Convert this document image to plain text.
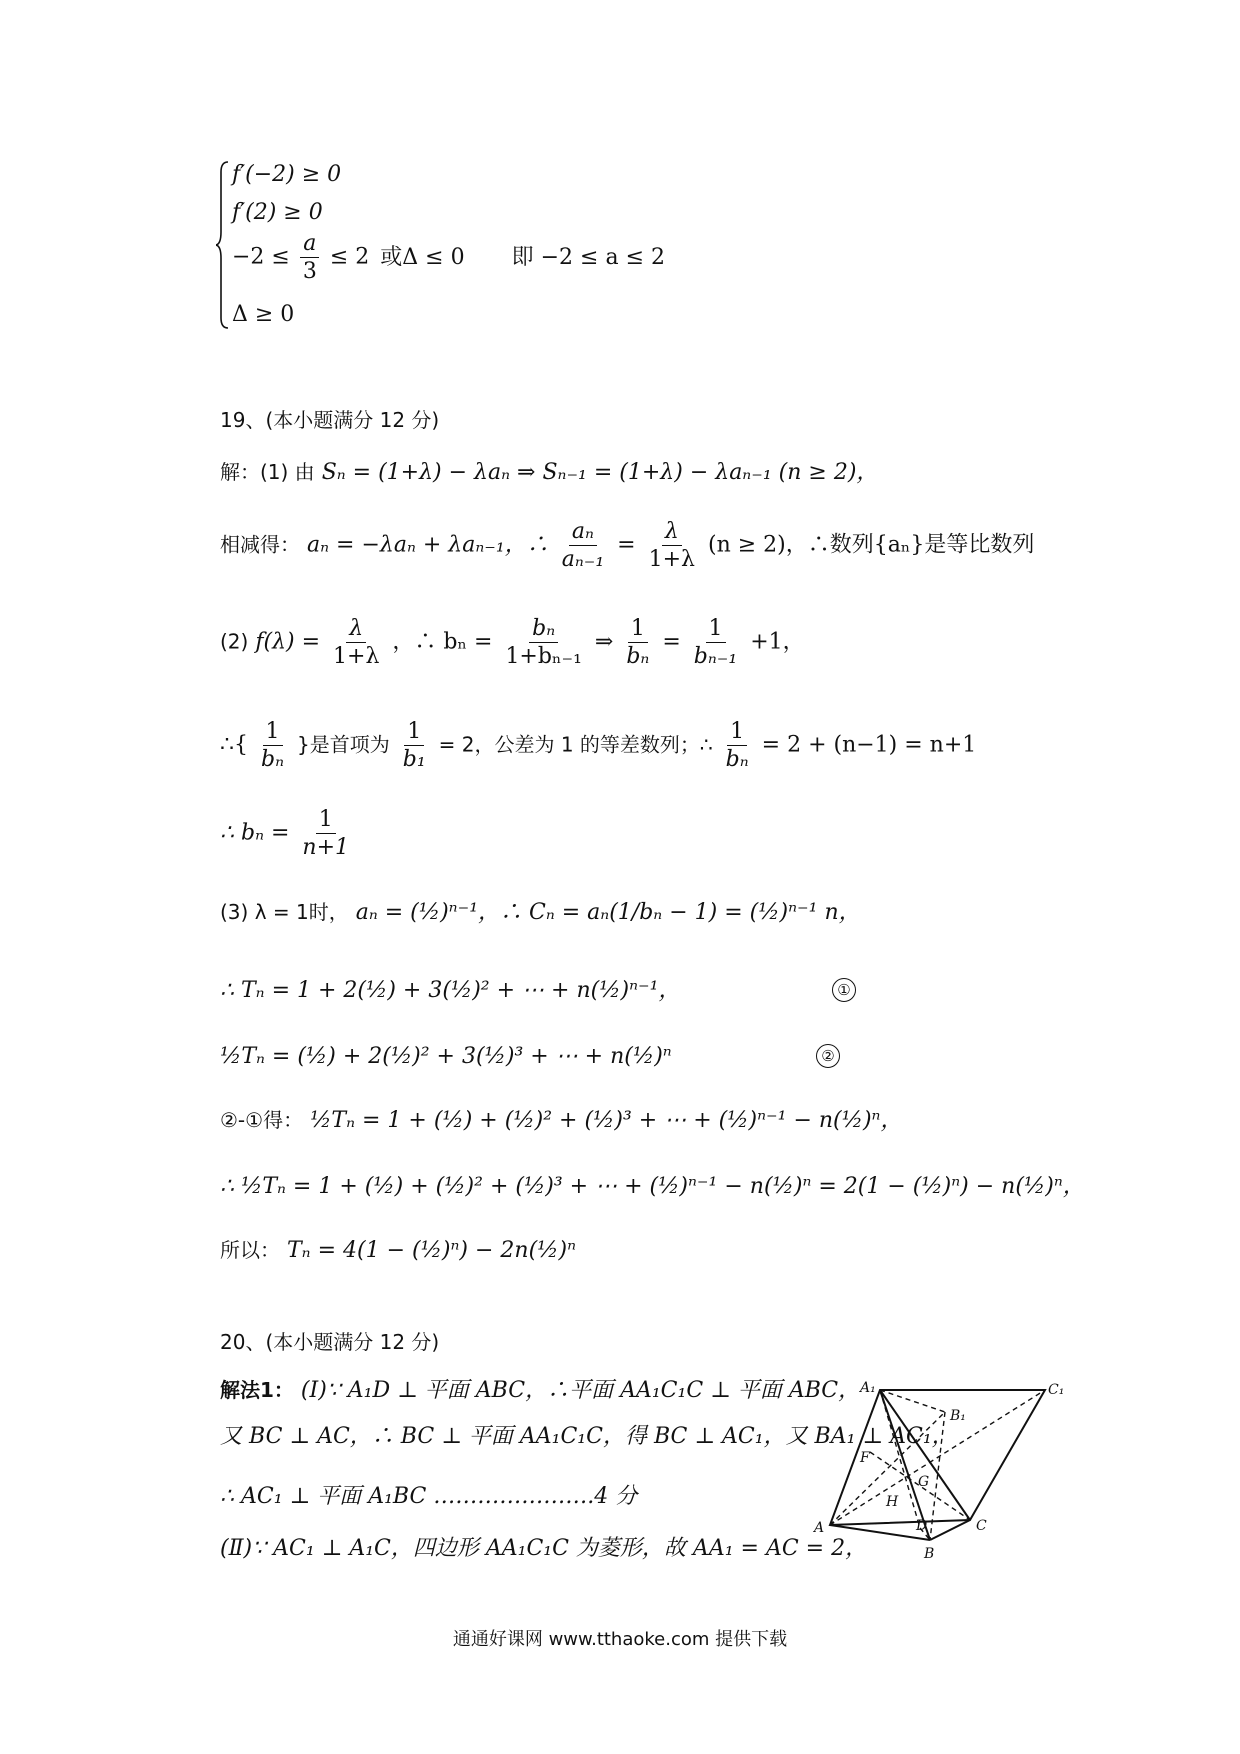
f′(−2) ≥ 0
f′(2) ≥ 0
$-2 \le \frac{a}{3} \le 2$ 或Δ ≤ 0 即 −2 ≤ a ≤ 2
Δ ≥ 0
19、(本小题满分 12 分)
解：(1) 由 Sₙ = (1+λ) − λaₙ ⇒ Sₙ₋₁ = (1+λ) − λaₙ₋₁ (n ≥ 2)，
相减得： aₙ = −λaₙ + λaₙ₋₁，∴ $\frac{\text{aₙ}}{\text{aₙ₋₁}} = \frac{\lambda}{1+\lambda} (n \ge 2)$，∴数列{aₙ}是等比数列
(2) $f(\lambda) = \frac{\lambda}{1+\lambda}$ ，∴ $b_n = \frac{\text{bₙ}}{\text{1+bₙ₋₁}}$ ⇒ $\frac{1}{\text{bₙ}} = \frac{1}{\text{bₙ₋₁}} +1$，
∴{ $\frac{1}{\text{bₙ}}$ }是首项为 $\frac{1}{\text{b₁}} = 2$，公差为 1 的等差数列；∴ $\frac{1}{\text{bₙ}} = 2 + (n-1) = n+1$
∴ $b_n = \frac{1}{n+1}$
(3) λ = 1时， aₙ = (½)ⁿ⁻¹，∴ Cₙ = aₙ(1/bₙ − 1) = (½)ⁿ⁻¹ n，
∴ Tₙ = 1 + 2(½) + 3(½)² + ⋯ + n(½)ⁿ⁻¹，	①
½Tₙ = (½) + 2(½)² + 3(½)³ + ⋯ + n(½)ⁿ	②
②-①得： ½Tₙ = 1 + (½) + (½)² + (½)³ + ⋯ + (½)ⁿ⁻¹ − n(½)ⁿ，
∴ ½Tₙ = 1 + (½) + (½)² + (½)³ + ⋯ + (½)ⁿ⁻¹ − n(½)ⁿ = 2(1 − (½)ⁿ) − n(½)ⁿ，
所以： Tₙ = 4(1 − (½)ⁿ) − 2n(½)ⁿ
20、(本小题满分 12 分)
解法1： (Ⅰ)∵ A₁D ⊥ 平面 ABC，∴平面 AA₁C₁C ⊥ 平面 ABC，
又 BC ⊥ AC，∴ BC ⊥ 平面 AA₁C₁C，得 BC ⊥ AC₁，又 BA₁ ⊥ AC₁，
∴ AC₁ ⊥ 平面 A₁BC ………………….4 分
(Ⅱ)∵ AC₁ ⊥ A₁C，四边形 AA₁C₁C 为菱形，故 AA₁ = AC = 2，
A₁
B₁
C₁
F
G
H
D
A
B
C
通通好课网 www.tthaoke.com 提供下载
